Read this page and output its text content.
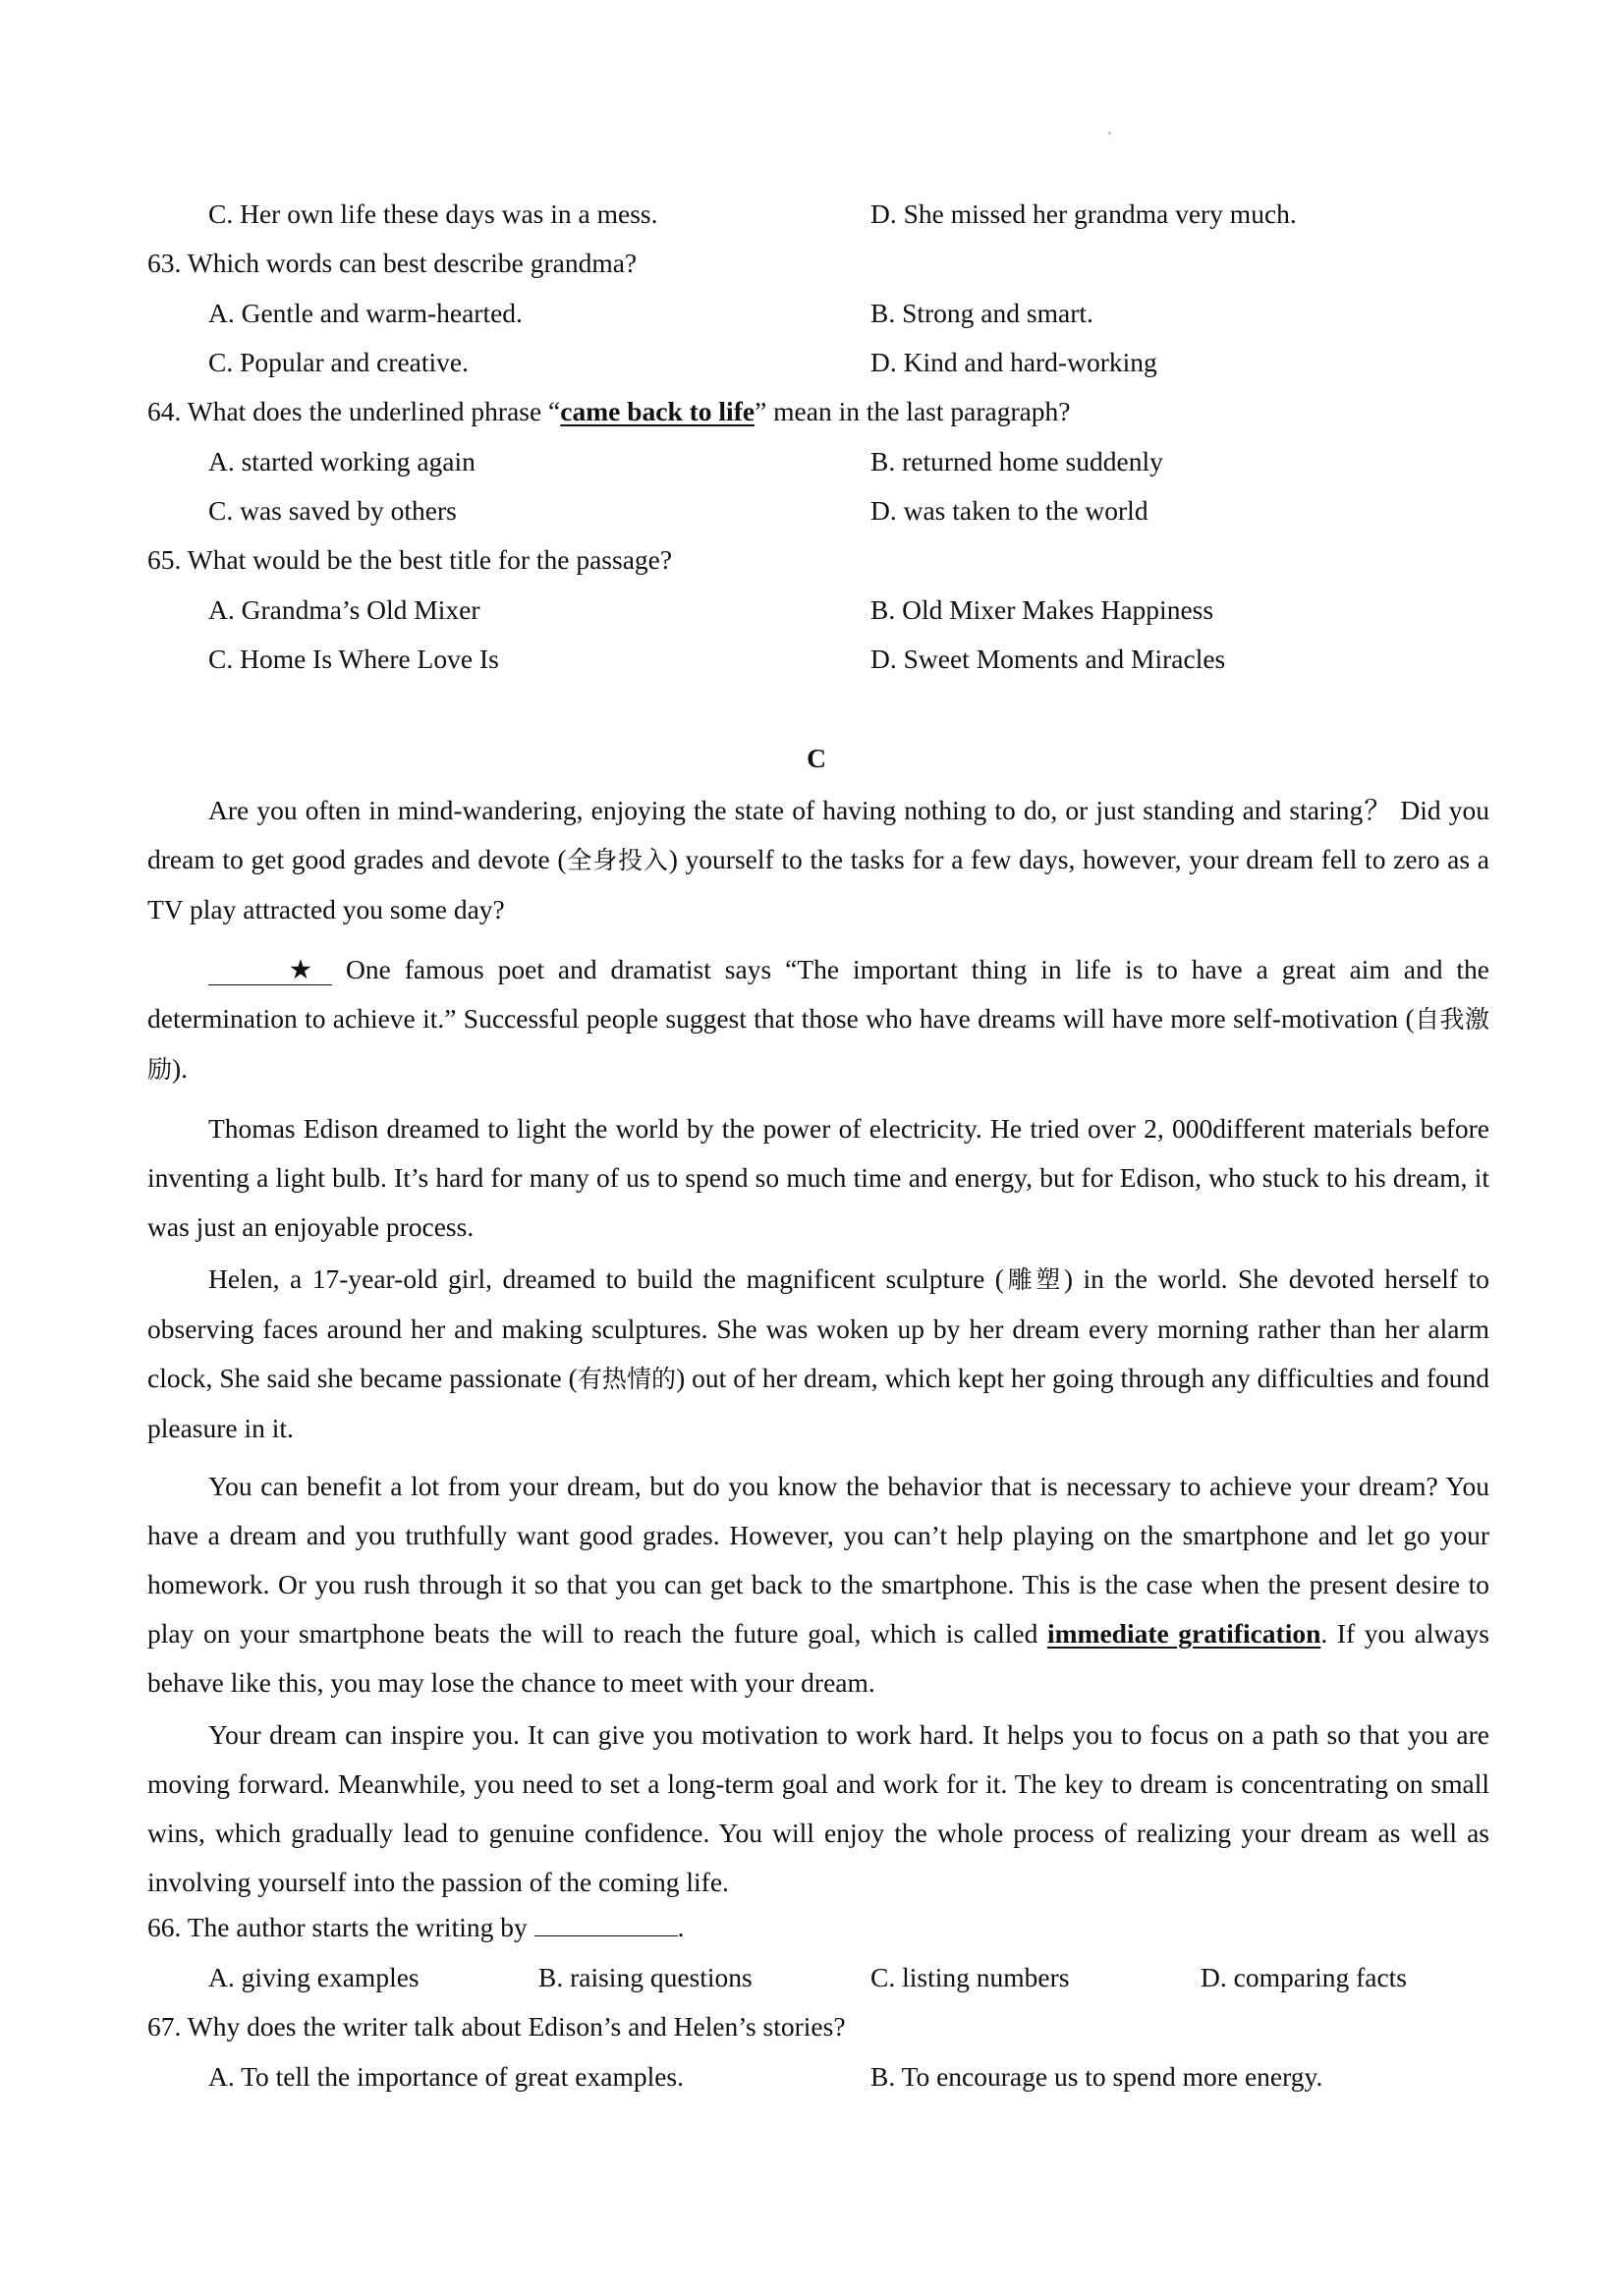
C. Her own life these days was in a mess.	D. She missed her grandma very much.
63. Which words can best describe grandma?
A. Gentle and warm-hearted.	B. Strong and smart.
C. Popular and creative.	D. Kind and hard-working
64. What does the underlined phrase “came back to life” mean in the last paragraph?
A. started working again	B. returned home suddenly
C. was saved by others	D. was taken to the world
65. What would be the best title for the passage?
A. Grandma’s Old Mixer	B. Old Mixer Makes Happiness
C. Home Is Where Love Is	D. Sweet Moments and Miracles
C
Are you often in mind-wandering, enjoying the state of having nothing to do, or just standing and staring？ Did you dream to get good grades and devote (全身投入) yourself to the tasks for a few days, however, your dream fell to zero as a TV play attracted you some day?
★ One famous poet and dramatist says “The important thing in life is to have a great aim and the determination to achieve it.” Successful people suggest that those who have dreams will have more self-motivation (自我激励).
Thomas Edison dreamed to light the world by the power of electricity. He tried over 2, 000different materials before inventing a light bulb. It’s hard for many of us to spend so much time and energy, but for Edison, who stuck to his dream, it was just an enjoyable process.
Helen, a 17-year-old girl, dreamed to build the magnificent sculpture (雕塑) in the world. She devoted herself to observing faces around her and making sculptures. She was woken up by her dream every morning rather than her alarm clock, She said she became passionate (有热情的) out of her dream, which kept her going through any difficulties and found pleasure in it.
You can benefit a lot from your dream, but do you know the behavior that is necessary to achieve your dream? You have a dream and you truthfully want good grades. However, you can’t help playing on the smartphone and let go your homework. Or you rush through it so that you can get back to the smartphone. This is the case when the present desire to play on your smartphone beats the will to reach the future goal, which is called immediate gratification. If you always behave like this, you may lose the chance to meet with your dream.
Your dream can inspire you. It can give you motivation to work hard. It helps you to focus on a path so that you are moving forward. Meanwhile, you need to set a long-term goal and work for it. The key to dream is concentrating on small wins, which gradually lead to genuine confidence. You will enjoy the whole process of realizing your dream as well as involving yourself into the passion of the coming life.
66. The author starts the writing by	.
A. giving examples	B. raising questions	C. listing numbers	D. comparing facts
67. Why does the writer talk about Edison’s and Helen’s stories?
A. To tell the importance of great examples.	B. To encourage us to spend more energy.
